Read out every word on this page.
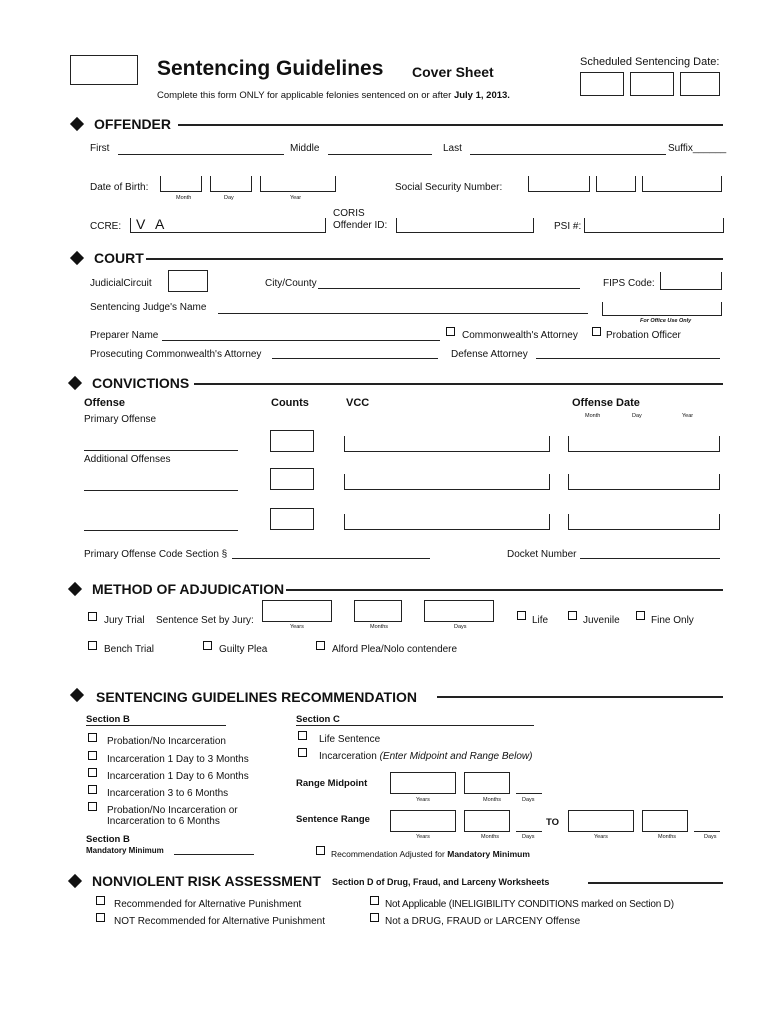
Sentencing Guidelines Cover Sheet
Scheduled Sentencing Date:
Complete this form ONLY for applicable felonies sentenced on or after July 1, 2013.
OFFENDER
First	Middle	Last	Suffix______
Date of Birth:
Month	Day	Year
Social Security Number:
CCRE: V A
CORIS
Offender ID:	PSI #:
COURT
JudicialCircuit	City/County	FIPS Code:
Sentencing Judge's Name
For Office Use Only
Preparer Name	Commonwealth's Attorney	Probation Officer
Prosecuting Commonwealth's Attorney	Defense Attorney
CONVICTIONS
Offense	Counts	VCC	Offense Date
Month	Day	Year
Primary Offense
Additional Offenses
Primary Offense Code Section §	Docket Number
METHOD OF ADJUDICATION
Jury Trial Sentence Set by Jury:
Years	Months	Days
Life	Juvenile	Fine Only
Bench Trial	Guilty Plea	Alford Plea/Nolo contendere
SENTENCING GUIDELINES RECOMMENDATION
Section B
Probation/No Incarceration
Incarceration 1 Day to 3 Months
Incarceration 1 Day to 6 Months
Incarceration 3 to 6 Months
Probation/No Incarceration or
Incarceration to 6 Months
Section B
Mandatory Minimum
Section C
Life Sentence
Incarceration (Enter Midpoint and Range Below)
Range Midpoint
Years	Months	Days
Sentence Range
Years	Months	Days
TO
Years	Months	Days
Recommendation Adjusted for Mandatory Minimum
NONVIOLENT RISK ASSESSMENT Section D of Drug, Fraud, and Larceny Worksheets
Recommended for Alternative Punishment
NOT Recommended for Alternative Punishment
Not Applicable (INELIGIBILITY CONDITIONS marked on Section D)
Not a DRUG, FRAUD or LARCENY Offense
